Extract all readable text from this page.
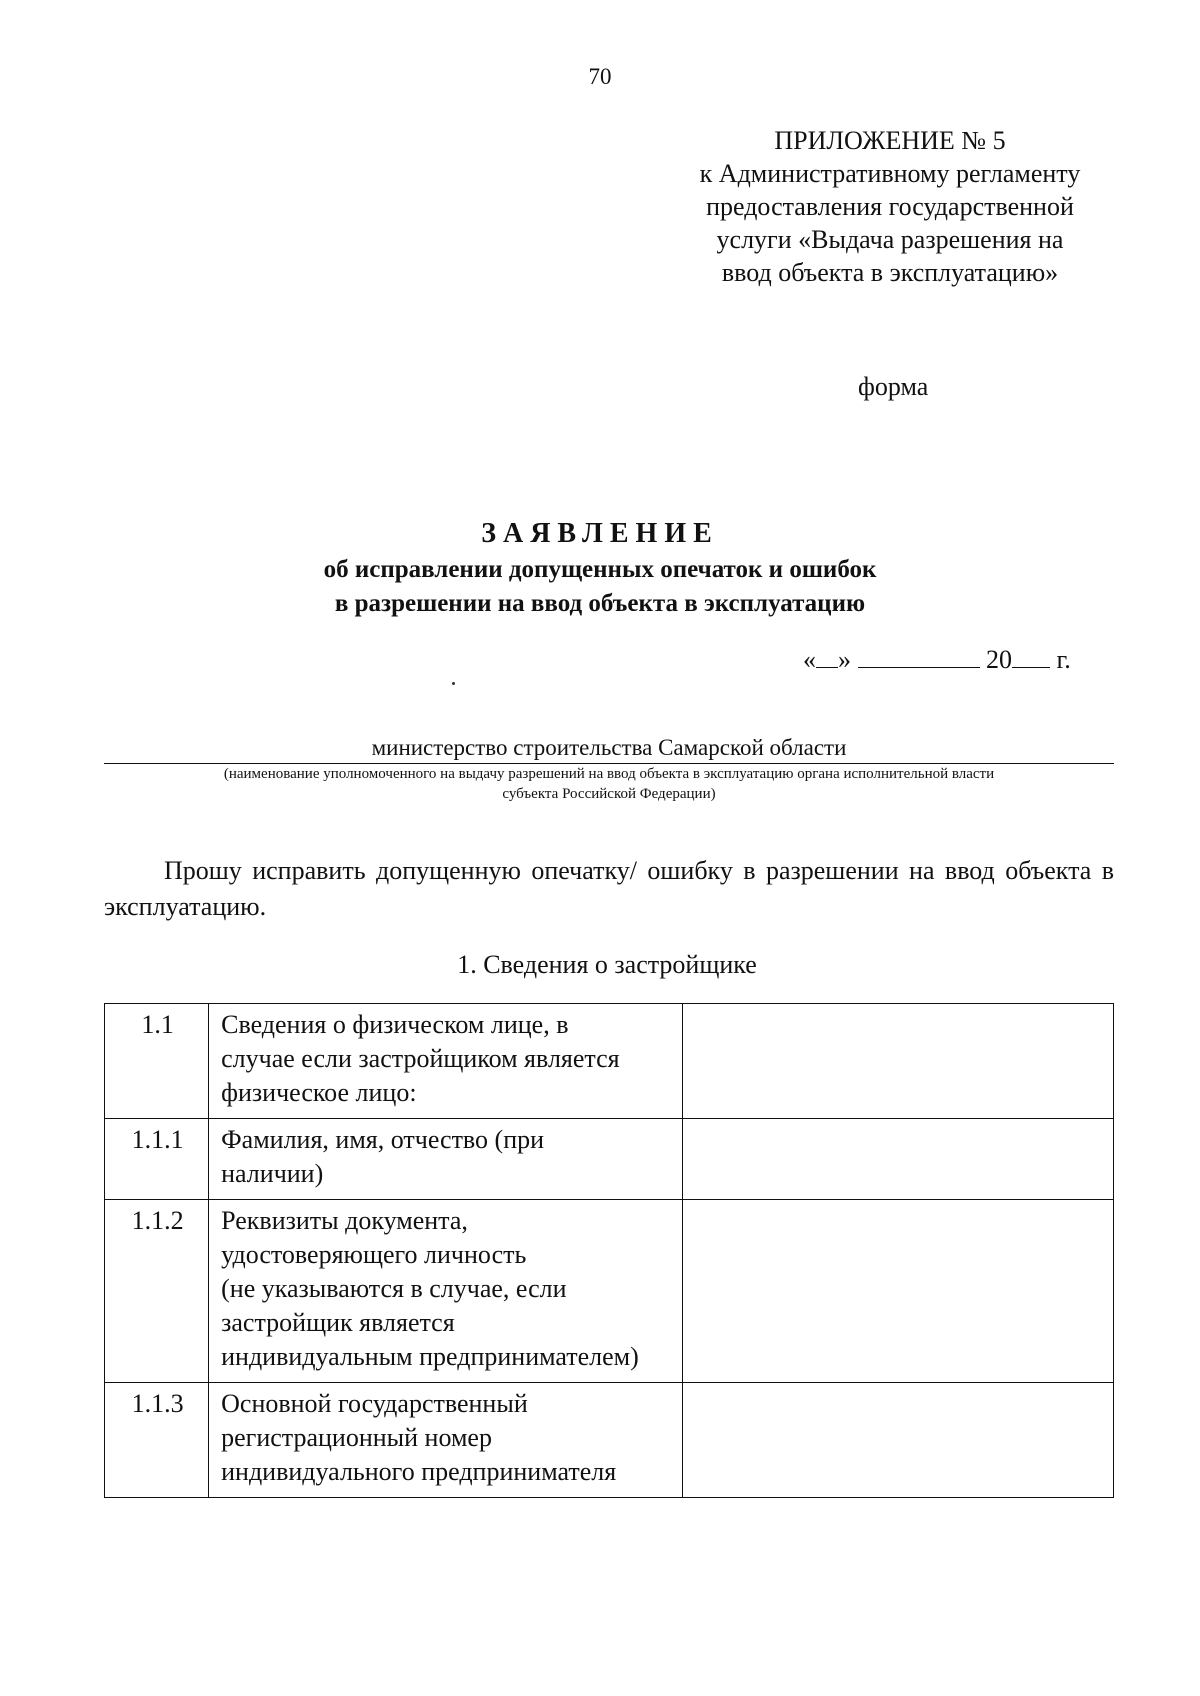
70
ПРИЛОЖЕНИЕ № 5
к Административному регламенту
предоставления государственной
услуги «Выдача разрешения на
ввод объекта в эксплуатацию»
форма
ЗАЯВЛЕНИЕ
об исправлении допущенных опечаток и ошибок
в разрешении на ввод объекта в эксплуатацию
« »	20 г.
министерство строительства Самарской области
(наименование уполномоченного на выдачу разрешений на ввод объекта в эксплуатацию органа исполнительной власти
субъекта Российской Федерации)
Прошу исправить допущенную опечатку/ ошибку в разрешении на ввод объекта в эксплуатацию.
1. Сведения о застройщике
1.1	Сведения о физическом лице, в
случае если застройщиком является
физическое лицо:	

1.1.1	Фамилия, имя, отчество (при
наличии)	

1.1.2	Реквизиты документа,
удостоверяющего личность
(не указываются в случае, если
застройщик является
индивидуальным предпринимателем)	

1.1.3	Основной государственный
регистрационный номер
индивидуального предпринимателя	
